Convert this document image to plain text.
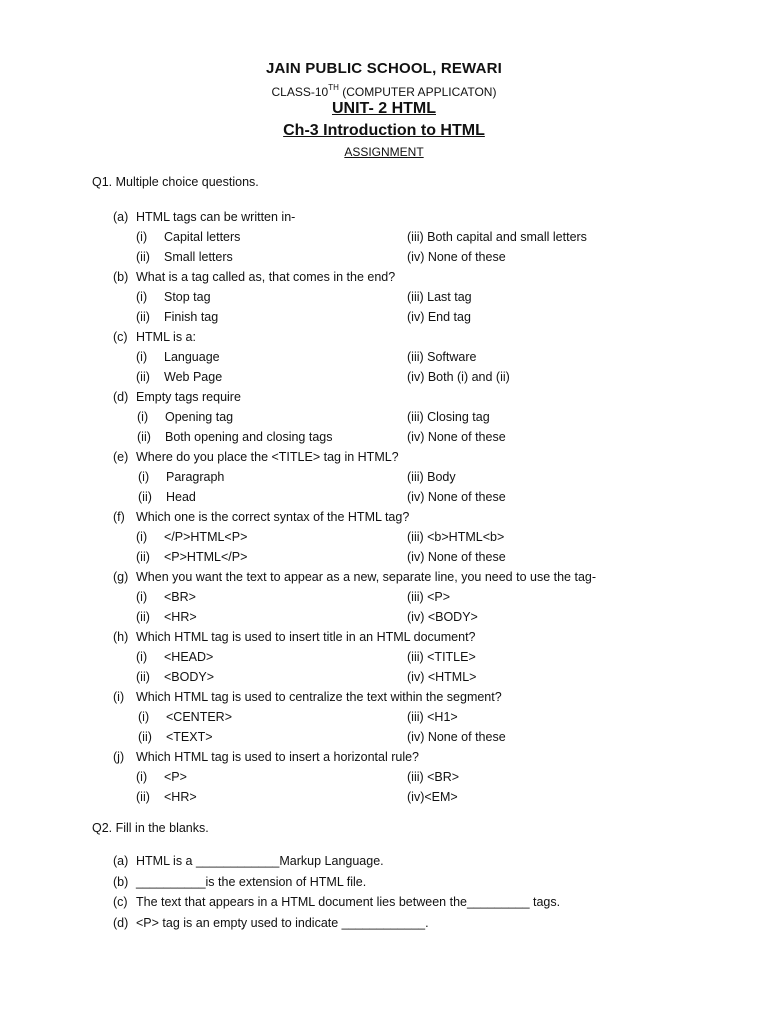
JAIN PUBLIC SCHOOL, REWARI
CLASS-10TH (COMPUTER APPLICATON)
UNIT- 2 HTML
Ch-3 Introduction to HTML
ASSIGNMENT
Q1. Multiple choice questions.
(a) HTML tags can be written in-
(i) Capital letters
(ii) Small letters
(iii) Both capital and small letters
(iv) None of these
(b) What is a tag called as, that comes in the end?
(i) Stop tag
(ii) Finish tag
(iii) Last tag
(iv) End tag
(c) HTML is a:
(i) Language
(ii) Web Page
(iii) Software
(iv) Both (i) and (ii)
(d) Empty tags require
(i) Opening tag
(ii) Both opening and closing tags
(iii) Closing tag
(iv) None of these
(e) Where do you place the <TITLE> tag in HTML?
(i) Paragraph
(ii) Head
(iii) Body
(iv) None of these
(f) Which one is the correct syntax of the HTML tag?
(i) </P>HTML<P>
(ii) <P>HTML</P>
(iii) <b>HTML<b>
(iv) None of these
(g) When you want the text to appear as a new, separate line, you need to use the tag-
(i) <BR>
(ii) <HR>
(iii) <P>
(iv) <BODY>
(h) Which HTML tag is used to insert title in an HTML document?
(i) <HEAD>
(ii) <BODY>
(iii) <TITLE>
(iv) <HTML>
(i) Which HTML tag is used to centralize the text within the segment?
(i) <CENTER>
(ii) <TEXT>
(iii) <H1>
(iv) None of these
(j) Which HTML tag is used to insert a horizontal rule?
(i) <P>
(ii) <HR>
(iii) <BR>
(iv)<EM>
Q2. Fill in the blanks.
(a) HTML is a ____________Markup Language.
(b) __________is the extension of HTML file.
(c) The text that appears in a HTML document lies between the_________ tags.
(d) <P> tag is an empty used to indicate ____________.
